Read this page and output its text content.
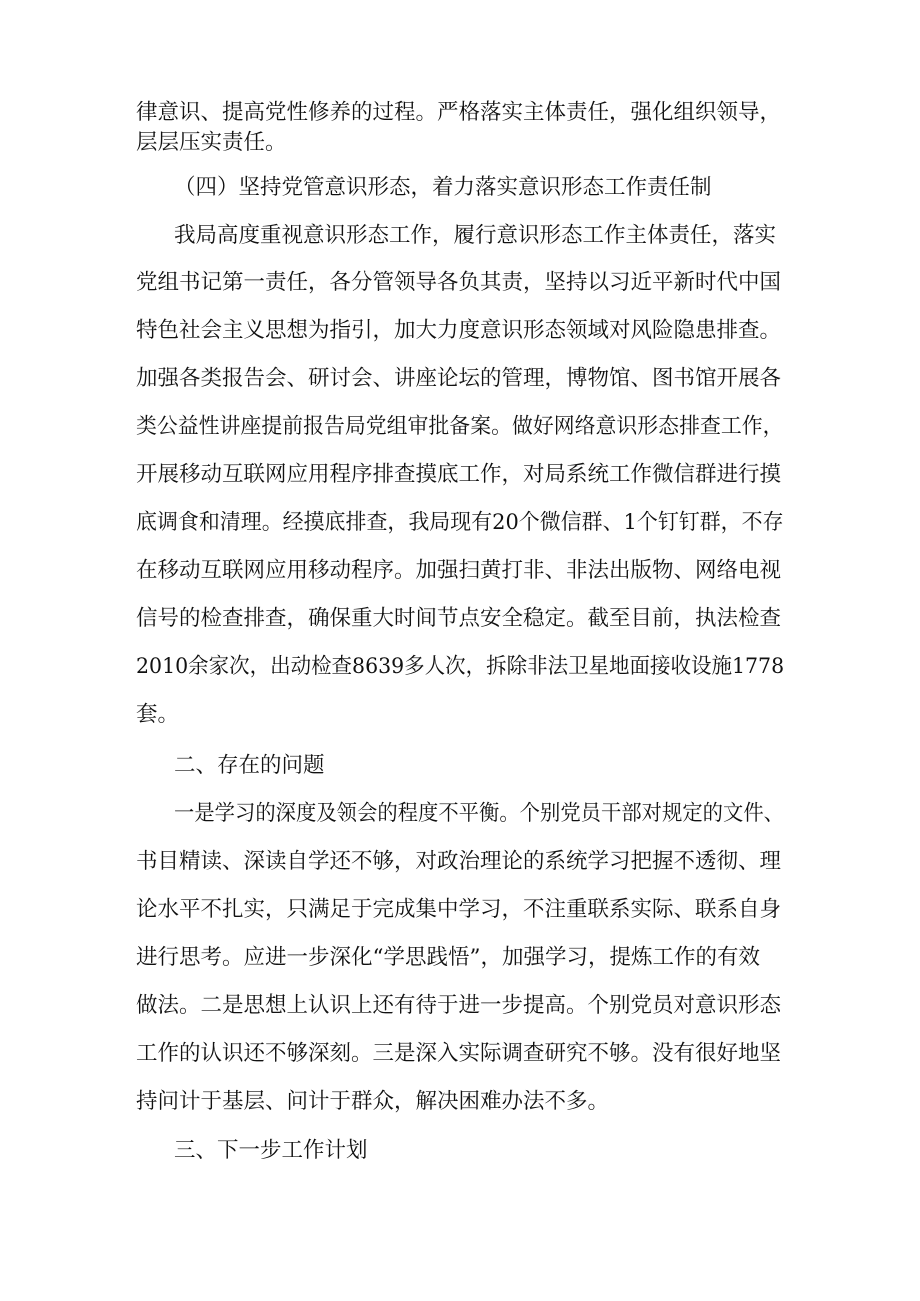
律意识、提高党性修养的过程。严格落实主体责任，强化组织领导，
层层压实责任。
（四）坚持党管意识形态，着力落实意识形态工作责任制
我局高度重视意识形态工作，履行意识形态工作主体责任，落实
党组书记第一责任，各分管领导各负其责，坚持以习近平新时代中国
特色社会主义思想为指引，加大力度意识形态领域对风险隐患排查。
加强各类报告会、研讨会、讲座论坛的管理，博物馆、图书馆开展各
类公益性讲座提前报告局党组审批备案。做好网络意识形态排查工作，
开展移动互联网应用程序排查摸底工作，对局系统工作微信群进行摸
底调食和清理。经摸底排查，我局现有20个微信群、1个钉钉群，不存
在移动互联网应用移动程序。加强扫黄打非、非法出版物、网络电视
信号的检查排查，确保重大时间节点安全稳定。截至目前，执法检查
2010余家次，出动检查8639多人次，拆除非法卫星地面接收设施1778
套。
二、存在的问题
一是学习的深度及领会的程度不平衡。个别党员干部对规定的文件、
书目精读、深读自学还不够，对政治理论的系统学习把握不透彻、理
论水平不扎实，只满足于完成集中学习，不注重联系实际、联系自身
进行思考。应进一步深化“学思践悟”，加强学习，提炼工作的有效
做法。二是思想上认识上还有待于进一步提高。个别党员对意识形态
工作的认识还不够深刻。三是深入实际调查研究不够。没有很好地坚
持问计于基层、问计于群众，解决困难办法不多。
三、下一步工作计划
